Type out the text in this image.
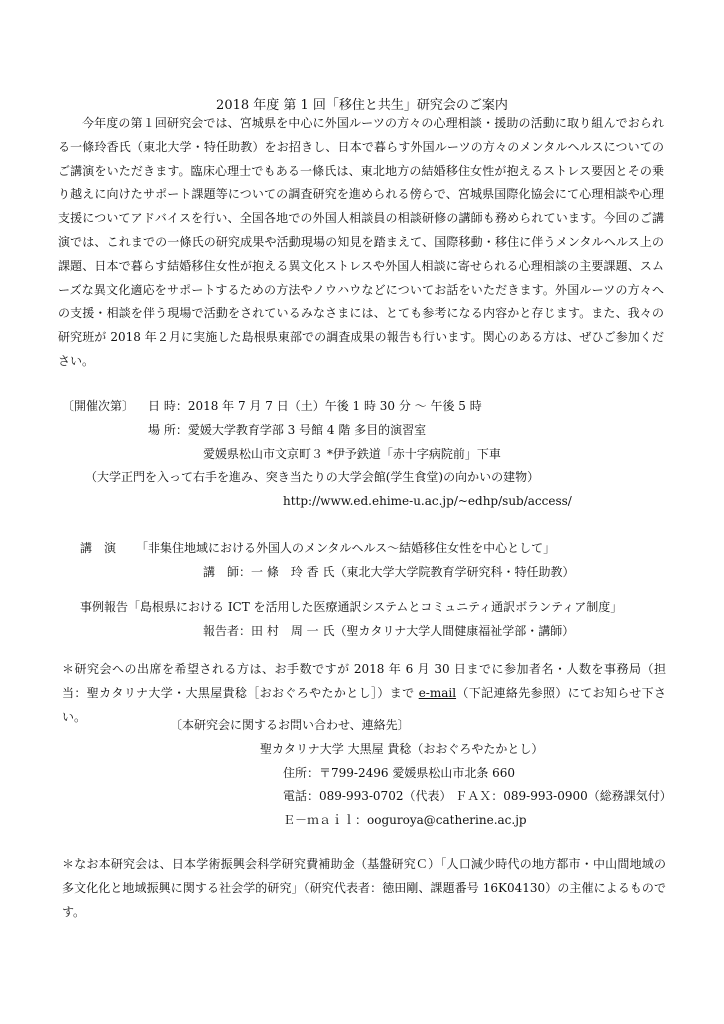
2018 年度 第 1 回「移住と共生」研究会のご案内

今年度の第１回研究会では、宮城県を中心に外国ルーツの方々の心理相談・援助の活動に取り組んでおられる一條玲香氏（東北大学・特任助教）をお招きし、日本で暮らす外国ルーツの方々のメンタルヘルスについてのご講演をいただきます。臨床心理士でもある一條氏は、東北地方の結婚移住女性が抱えるストレス要因とその乗り越えに向けたサポート課題等についての調査研究を進められる傍らで、宮城県国際化協会にて心理相談や心理支援についてアドバイスを行い、全国各地での外国人相談員の相談研修の講師も務められています。今回のご講演では、これまでの一條氏の研究成果や活動現場の知見を踏まえて、国際移動・移住に伴うメンタルヘルス上の課題、日本で暮らす結婚移住女性が抱える異文化ストレスや外国人相談に寄せられる心理相談の主要課題、スムーズな異文化適応をサポートするための方法やノウハウなどについてお話をいただきます。外国ルーツの方々への支援・相談を伴う現場で活動をされているみなさまには、とても参考になる内容かと存じます。また、我々の研究班が 2018 年２月に実施した島根県東部での調査成果の報告も行います。関心のある方は、ぜひご参加ください。

〔開催次第〕 日 時：2018 年 7 月 7 日（土）午後 1 時 30 分 〜 午後 5 時
場 所：愛媛大学教育学部 3 号館 4 階 多目的演習室
愛媛県松山市文京町３ *伊予鉄道「赤十字病院前」下車
（大学正門を入って右手を進み、突き当たりの大学会館(学生食堂)の向かいの建物）
http://www.ed.ehime-u.ac.jp/~edhp/sub/access/
講　演 「非集住地域における外国人のメンタルヘルス〜結婚移住女性を中心として」
講　師：一 條　玲 香 氏（東北大学大学院教育学研究科・特任助教）
事例報告「島根県における ICT を活用した医療通訳システムとコミュニティ通訳ボランティア制度」
報告者：田 村　周 一 氏（聖カタリナ大学人間健康福祉学部・講師）

＊研究会への出席を希望される方は、お手数ですが 2018 年 6 月 30 日までに参加者名・人数を事務局（担当：聖カタリナ大学・大黒屋貴稔［おおぐろやたかとし］）まで e-mail（下記連絡先参照）にてお知らせ下さい。

〔本研究会に関するお問い合わせ、連絡先〕
聖カタリナ大学 大黒屋 貴稔（おおぐろやたかとし）
住所：〒799-2496 愛媛県松山市北条 660
電話：089-993-0702（代表） ＦＡＸ：089-993-0900（総務課気付）
Ｅ－ｍａｉｌ：ooguroya@catherine.ac.jp

＊なお本研究会は、日本学術振興会科学研究費補助金（基盤研究Ｃ）「人口減少時代の地方都市・中山間地域の多文化化と地域振興に関する社会学的研究」（研究代表者：徳田剛、課題番号 16K04130）の主催によるものです。
